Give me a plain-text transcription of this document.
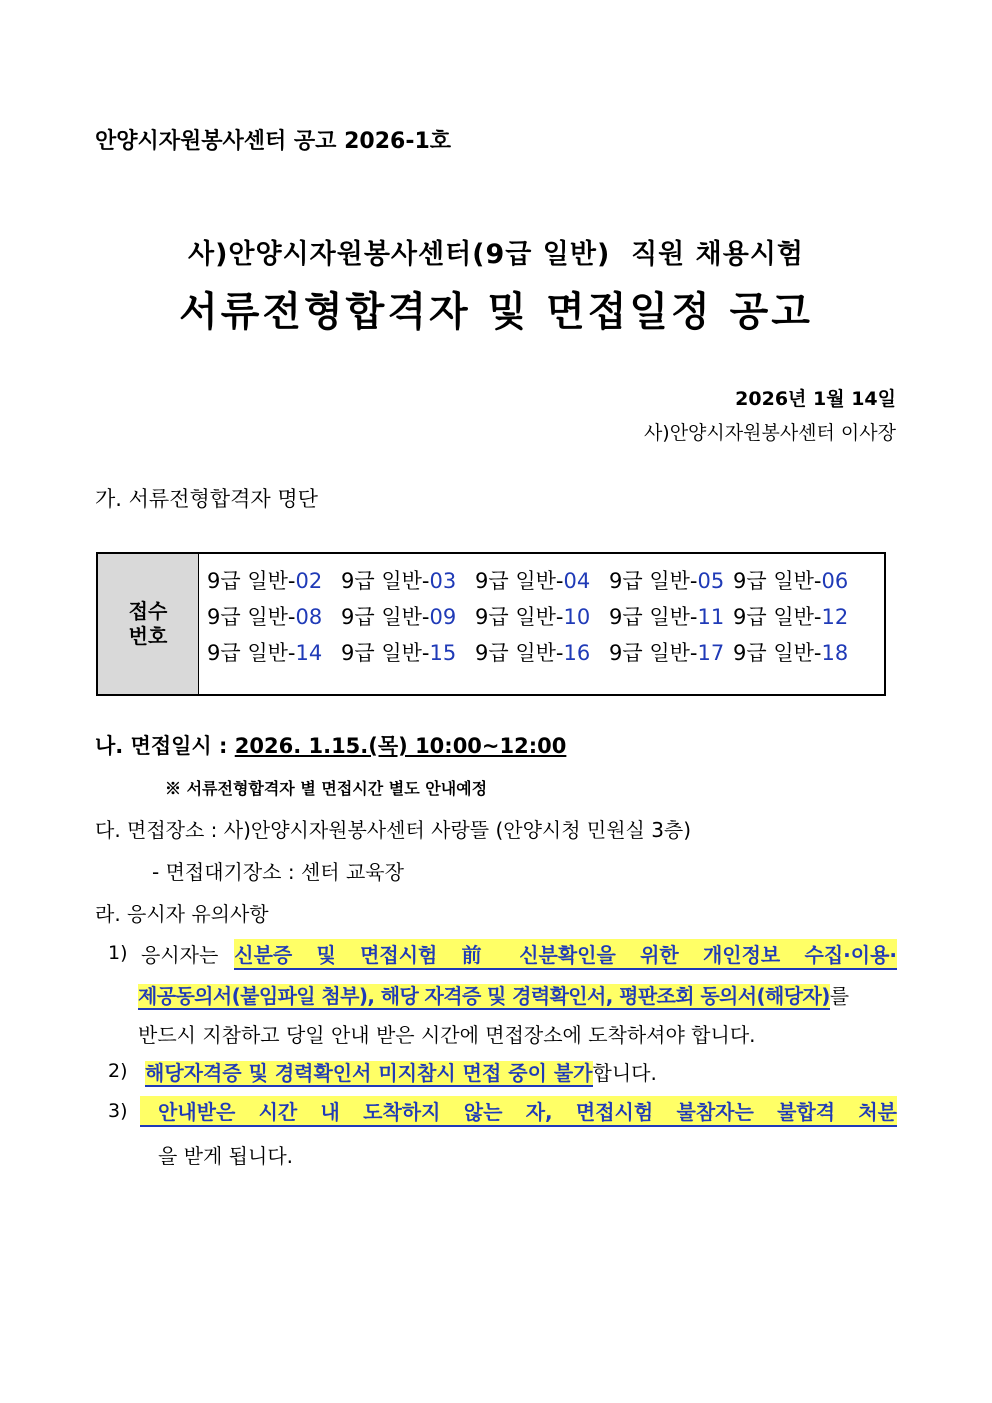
안양시자원봉사센터 공고 2026-1호
사)안양시자원봉사센터(9급 일반)  직원 채용시험
서류전형합격자 및 면접일정 공고
2026년 1월 14일
사)안양시자원봉사센터 이사장
가. 서류전형합격자 명단
접수
번호
9급 일반-02 9급 일반-03 9급 일반-04 9급 일반-05 9급 일반-06
9급 일반-08 9급 일반-09 9급 일반-10 9급 일반-11 9급 일반-12
9급 일반-14 9급 일반-15 9급 일반-16 9급 일반-17 9급 일반-18
나. 면접일시 : 2026. 1.15.(목) 10:00~12:00
※ 서류전형합격자 별 면접시간 별도 안내예정
다. 면접장소 : 사)안양시자원봉사센터 사랑뜰 (안양시청 민원실 3층)
- 면접대기장소 : 센터 교육장
라. 응시자 유의사항
1) 응시자는 신분증 및 면접시험 前 신분확인을 위한 개인정보 수집·이용·
제공동의서(붙임파일 첨부), 해당 자격증 및 경력확인서, 평판조회 동의서(해당자)를
반드시 지참하고 당일 안내 받은 시간에 면접장소에 도착하셔야 합니다.
2) 해당자격증 및 경력확인서 미지참시 면접 중이 불가합니다.
3)	안내받은 시간 내 도착하지 않는 자, 면접시험 불참자는 불합격 처분
을 받게 됩니다.
